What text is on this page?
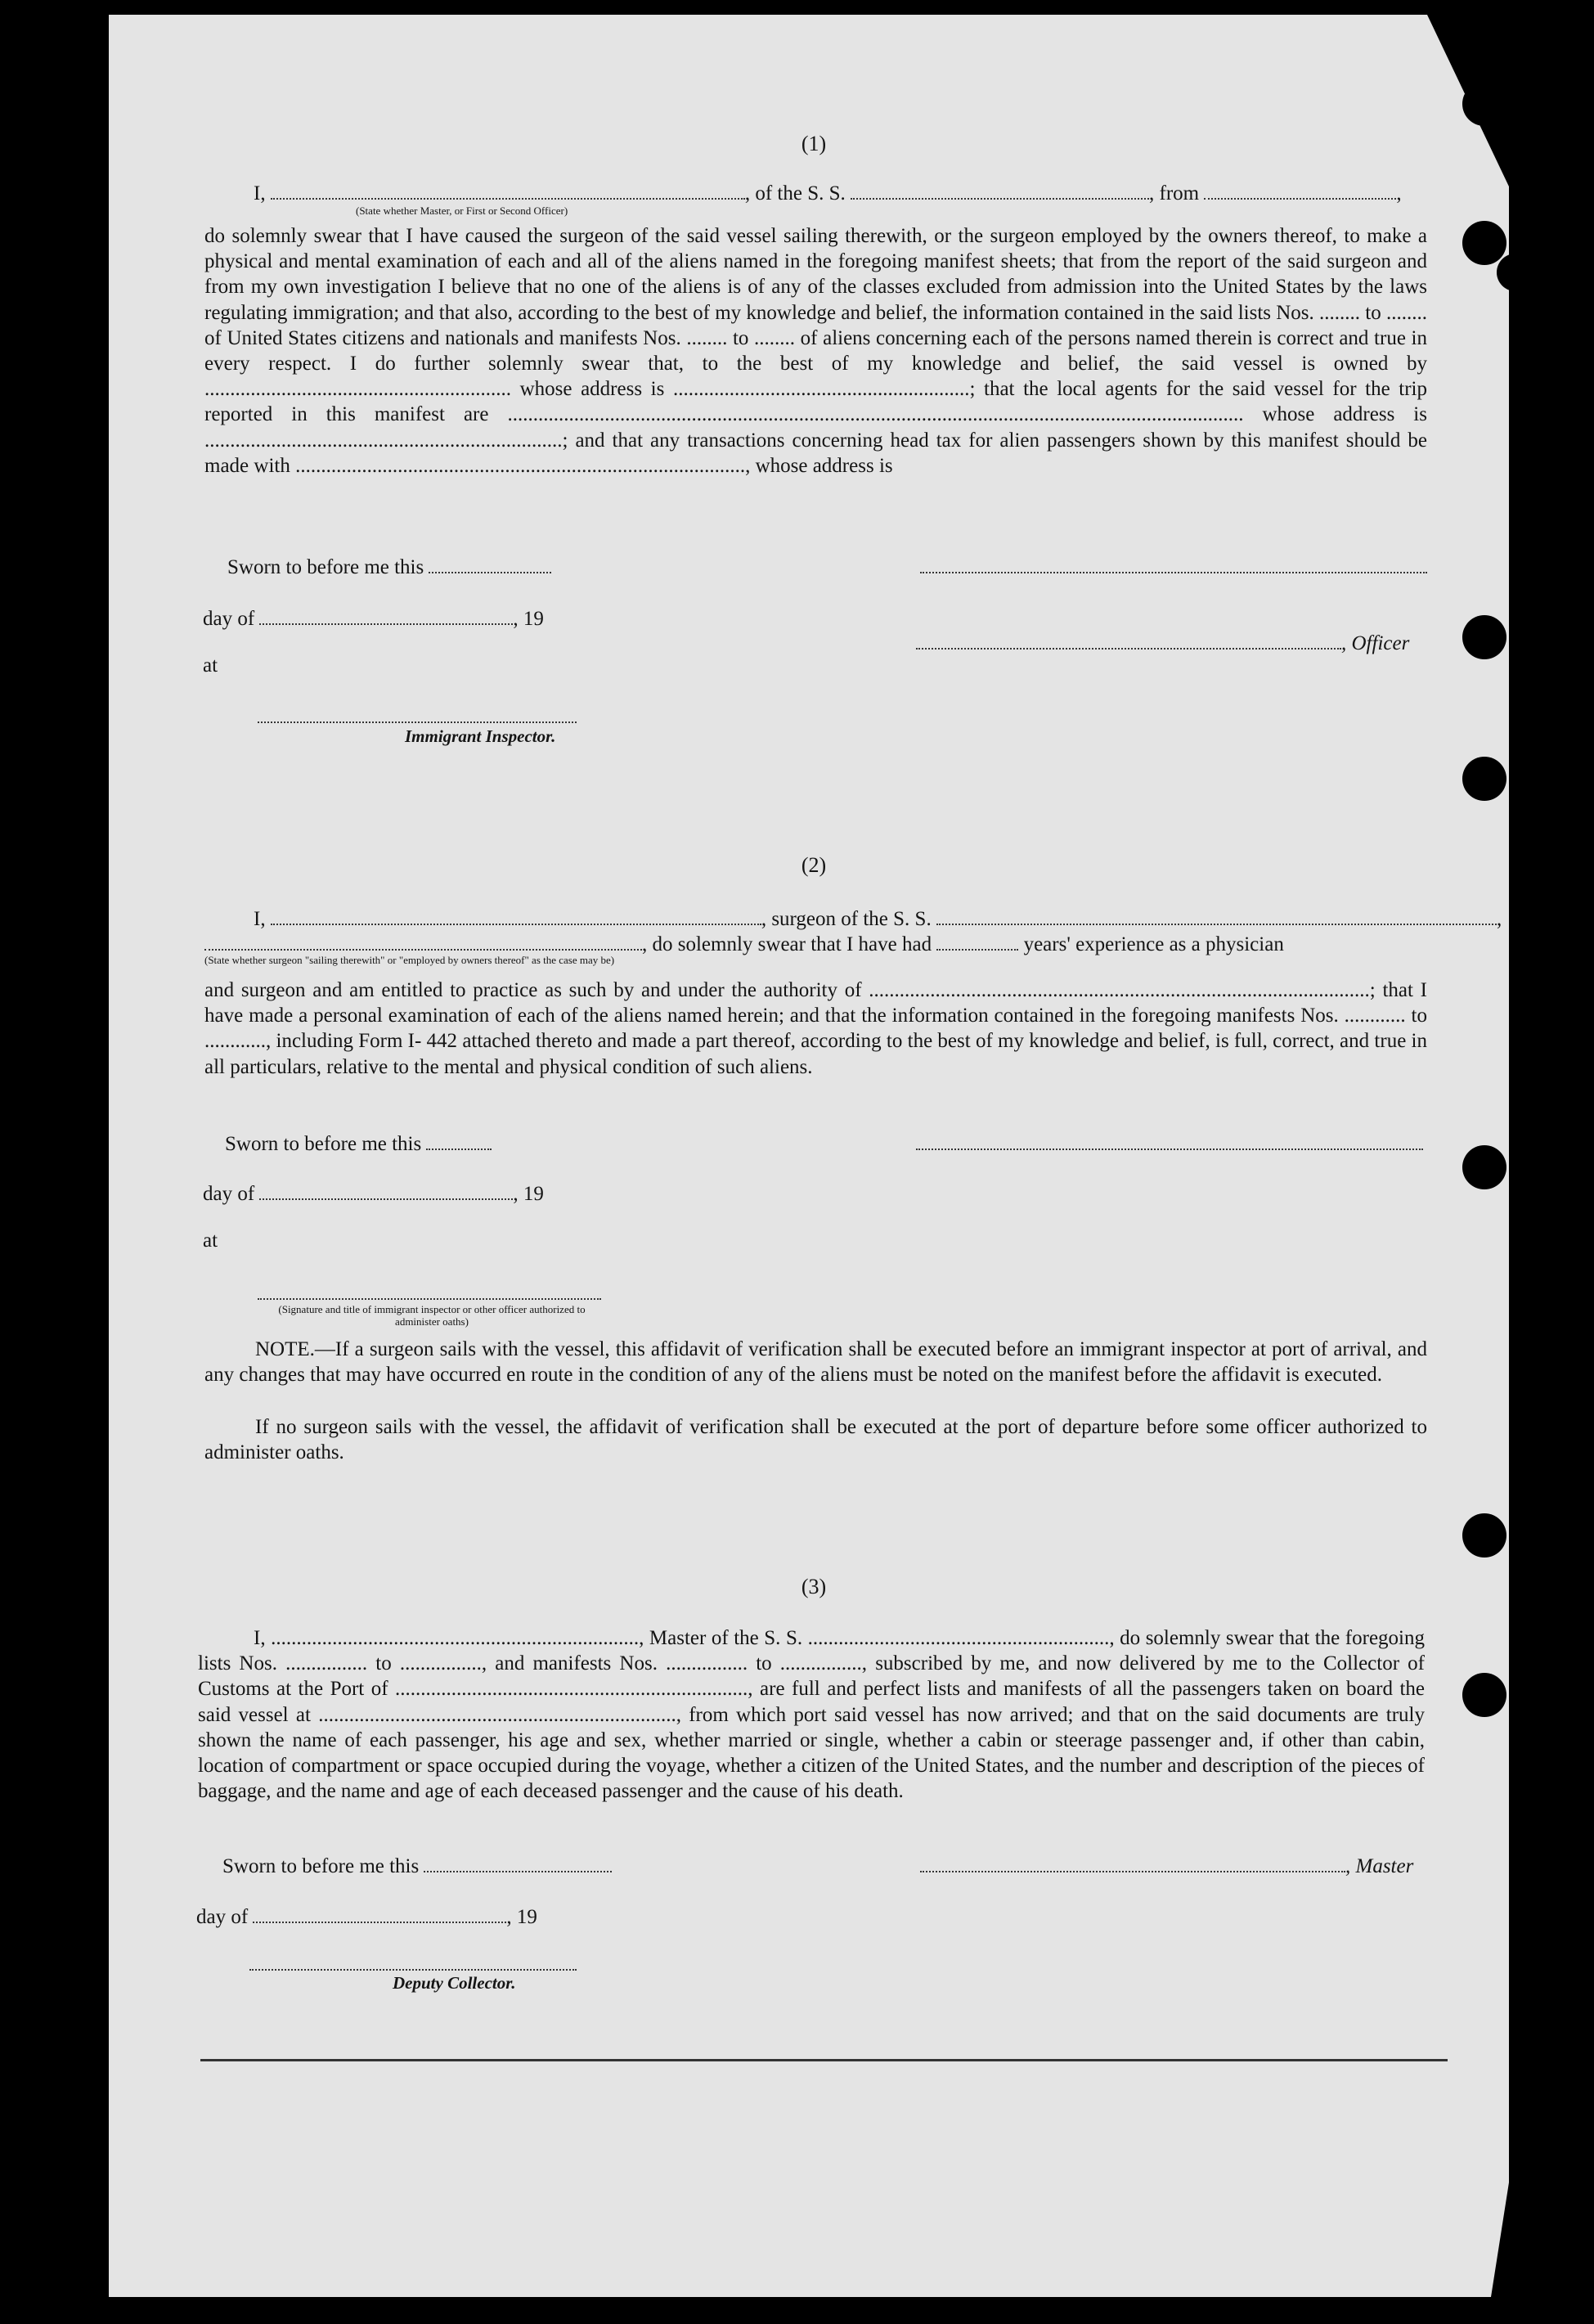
(1)
I,	, of the S. S.	, from	,
(State whether Master, or First or Second Officer)
do solemnly swear that I have caused the surgeon of the said vessel sailing therewith, or the surgeon employed by the owners thereof, to make a physical and mental examination of each and all of the aliens named in the foregoing manifest sheets; that from the report of the said surgeon and from my own investigation I believe that no one of the aliens is of any of the classes excluded from admission into the United States by the laws regulating immigration; and that also, according to the best of my knowledge and belief, the information contained in the said lists Nos. ........ to ........ of United States citizens and nationals and manifests Nos. ........ to ........ of aliens concerning each of the persons named therein is correct and true in every respect. I do further solemnly swear that, to the best of my knowledge and belief, the said vessel is owned by ............................................................ whose address is ..........................................................; that the local agents for the said vessel for the trip reported in this manifest are ................................................................................................................................................ whose address is ......................................................................; and that any transactions concerning head tax for alien passengers shown by this manifest should be made with ........................................................................................, whose address is
Sworn to before me this
day of	, 19
, Officer
at
Immigrant Inspector.
(2)
I,	, surgeon of the S. S.	,
, do solemnly swear that I have had	years' experience as a physician
(State whether surgeon "sailing therewith" or "employed by owners thereof" as the case may be)
and surgeon and am entitled to practice as such by and under the authority of ..................................................................................................; that I have made a personal examination of each of the aliens named herein; and that the information contained in the foregoing manifests Nos. ............ to ............, including Form I- 442 attached thereto and made a part thereof, according to the best of my knowledge and belief, is full, correct, and true in all particulars, relative to the mental and physical condition of such aliens.
Sworn to before me this
day of	, 19
at
(Signature and title of immigrant inspector or other officer authorized to administer oaths)
NOTE.—If a surgeon sails with the vessel, this affidavit of verification shall be executed before an immigrant inspector at port of arrival, and any changes that may have occurred en route in the condition of any of the aliens must be noted on the manifest before the affidavit is executed.
If no surgeon sails with the vessel, the affidavit of verification shall be executed at the port of departure before some officer authorized to administer oaths.
(3)
I, ........................................................................, Master of the S. S. ..........................................................., do solemnly swear that the foregoing lists Nos. ................ to ................, and manifests Nos. ................ to ................, subscribed by me, and now delivered by me to the Collector of Customs at the Port of ....................................................................., are full and perfect lists and manifests of all the passengers taken on board the said vessel at ......................................................................, from which port said vessel has now arrived; and that on the said documents are truly shown the name of each passenger, his age and sex, whether married or single, whether a cabin or steerage passenger and, if other than cabin, location of compartment or space occupied during the voyage, whether a citizen of the United States, and the number and description of the pieces of baggage, and the name and age of each deceased passenger and the cause of his death.
Sworn to before me this	, Master
day of	, 19
Deputy Collector.
